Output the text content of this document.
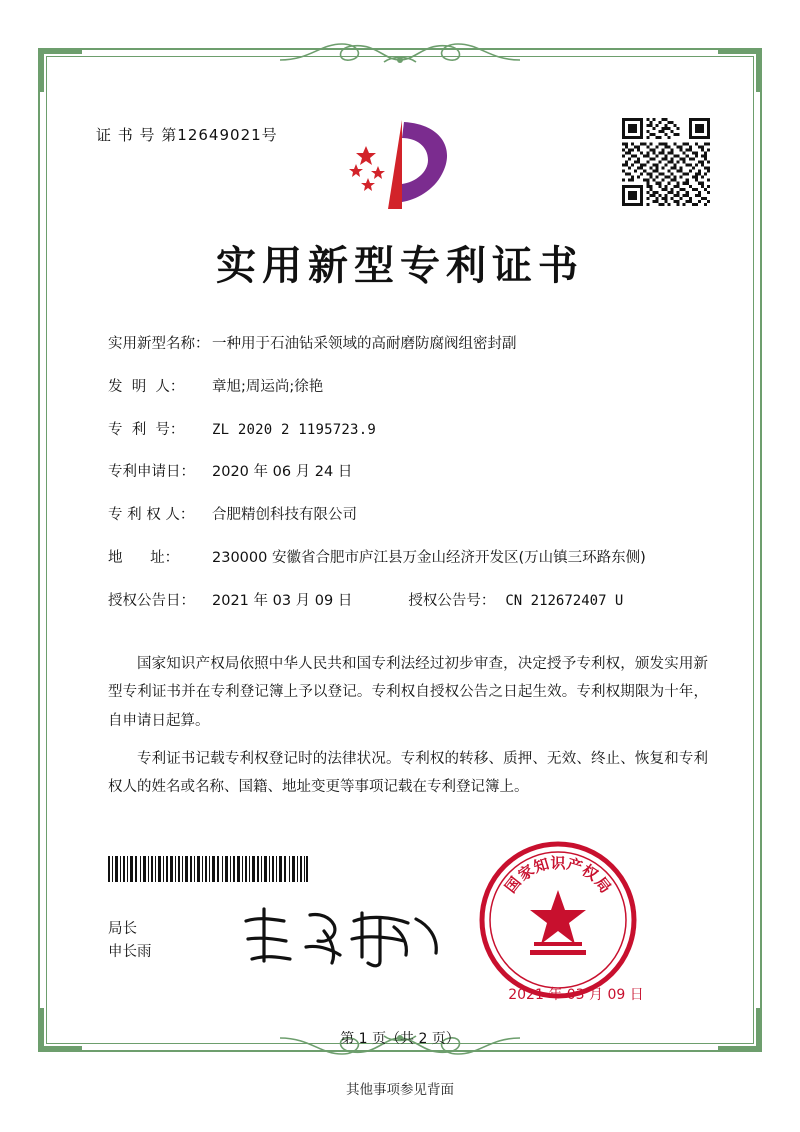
证 书 号 第12649021号
实用新型专利证书
实用新型名称： 一种用于石油钻采领域的高耐磨防腐阀组密封副
发  明  人：	章旭;周运尚;徐艳
专  利  号：	ZL 2020 2 1195723.9
专利申请日：	2020 年 06 月 24 日
专 利 权 人：	合肥精创科技有限公司
地      址：	230000 安徽省合肥市庐江县万金山经济开发区(万山镇三环路东侧)
授权公告日：	2021 年 03 月 09 日	授权公告号： CN 212672407 U

国家知识产权局依照中华人民共和国专利法经过初步审查，决定授予专利权，颁发实用新型专利证书并在专利登记簿上予以登记。专利权自授权公告之日起生效。专利权期限为十年，自申请日起算。

专利证书记载专利权登记时的法律状况。专利权的转移、质押、无效、终止、恢复和专利权人的姓名或名称、国籍、地址变更等事项记载在专利登记簿上。

局长
申长雨
国
家
知 识 产
权
局
2021 年 03 月 09 日
第 1 页（共 2 页）
其他事项参见背面
